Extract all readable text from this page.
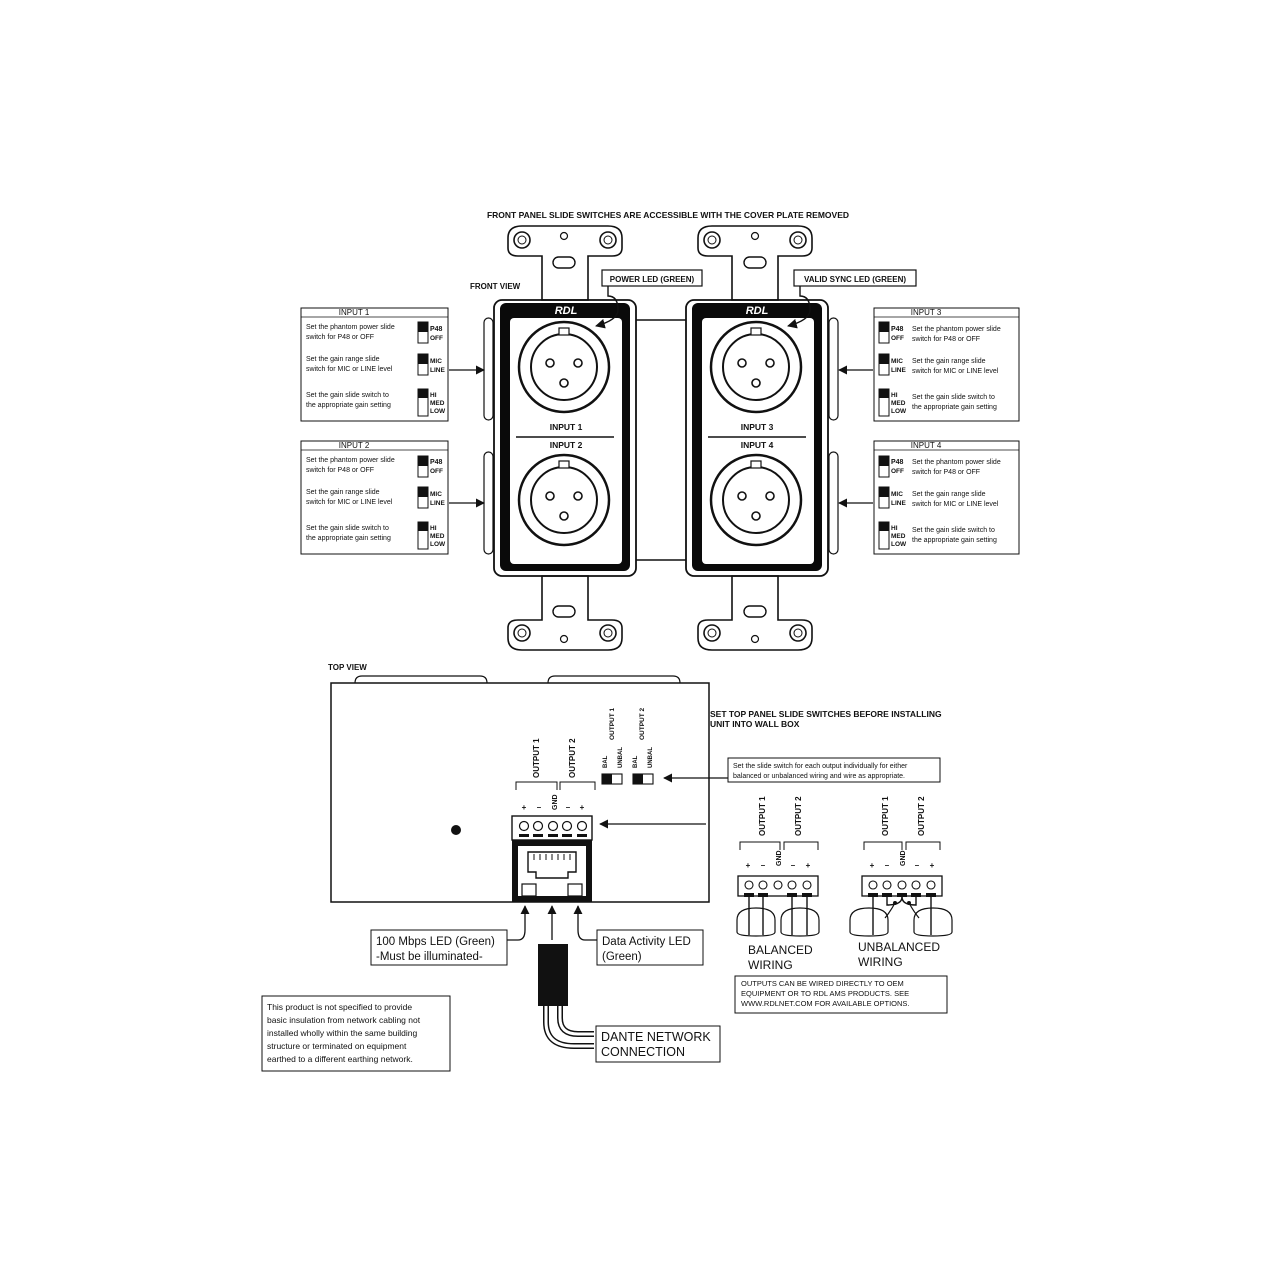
FRONT PANEL SLIDE SWITCHES ARE ACCESSIBLE WITH THE COVER PLATE REMOVED
FRONT VIEW
RDL
INPUT 1
INPUT 2
RDL
INPUT 3
INPUT 4
POWER LED (GREEN)	VALID SYNC LED (GREEN)
INPUT 1
Set the phantom power slide
switch for P48 or OFF
Set the gain range slide
switch for MIC or LINE level
Set the gain slide switch to
the appropriate gain setting
P48
OFF
MIC
LINE
HI
MED
LOW
INPUT 2
Set the phantom power slide
switch for P48 or OFF
Set the gain range slide
switch for MIC or LINE level
Set the gain slide switch to
the appropriate gain setting
P48
OFF
MIC
LINE
HI
MED
LOW
INPUT 3
Set the phantom power slide
switch for P48 or OFF
Set the gain range slide
switch for MIC or LINE level
Set the gain slide switch to
the appropriate gain setting
P48
OFF
MIC
LINE
HI
MED
LOW
INPUT 4
Set the phantom power slide
switch for P48 or OFF
Set the gain range slide
switch for MIC or LINE level
Set the gain slide switch to
the appropriate gain setting
P48
OFF
MIC
LINE
HI
MED
LOW
TOP VIEW
OUTPUT 1	OUTPUT 2
+ – GND – +
OUTPUT 1	OUTPUT 2
BAL UNBAL BAL UNBAL
SET TOP PANEL SLIDE SWITCHES BEFORE INSTALLING
UNIT INTO WALL BOX
Set the slide switch for each output individually for either
balanced or unbalanced wiring and wire as appropriate.
OUTPUT 1	OUTPUT 2
+ – GND – +
BALANCED
WIRING
OUTPUT 1	OUTPUT 2
+ – GND – +
UNBALANCED
WIRING
OUTPUTS CAN BE WIRED DIRECTLY TO OEM
EQUIPMENT OR TO RDL AMS PRODUCTS. SEE
WWW.RDLNET.COM FOR AVAILABLE OPTIONS.
100 Mbps LED (Green)
-Must be illuminated-
Data Activity LED
(Green)
DANTE NETWORK
CONNECTION
This product is not specified to provide
basic insulation from network cabling not
installed wholly within the same building
structure or terminated on equipment
earthed to a different earthing network.
